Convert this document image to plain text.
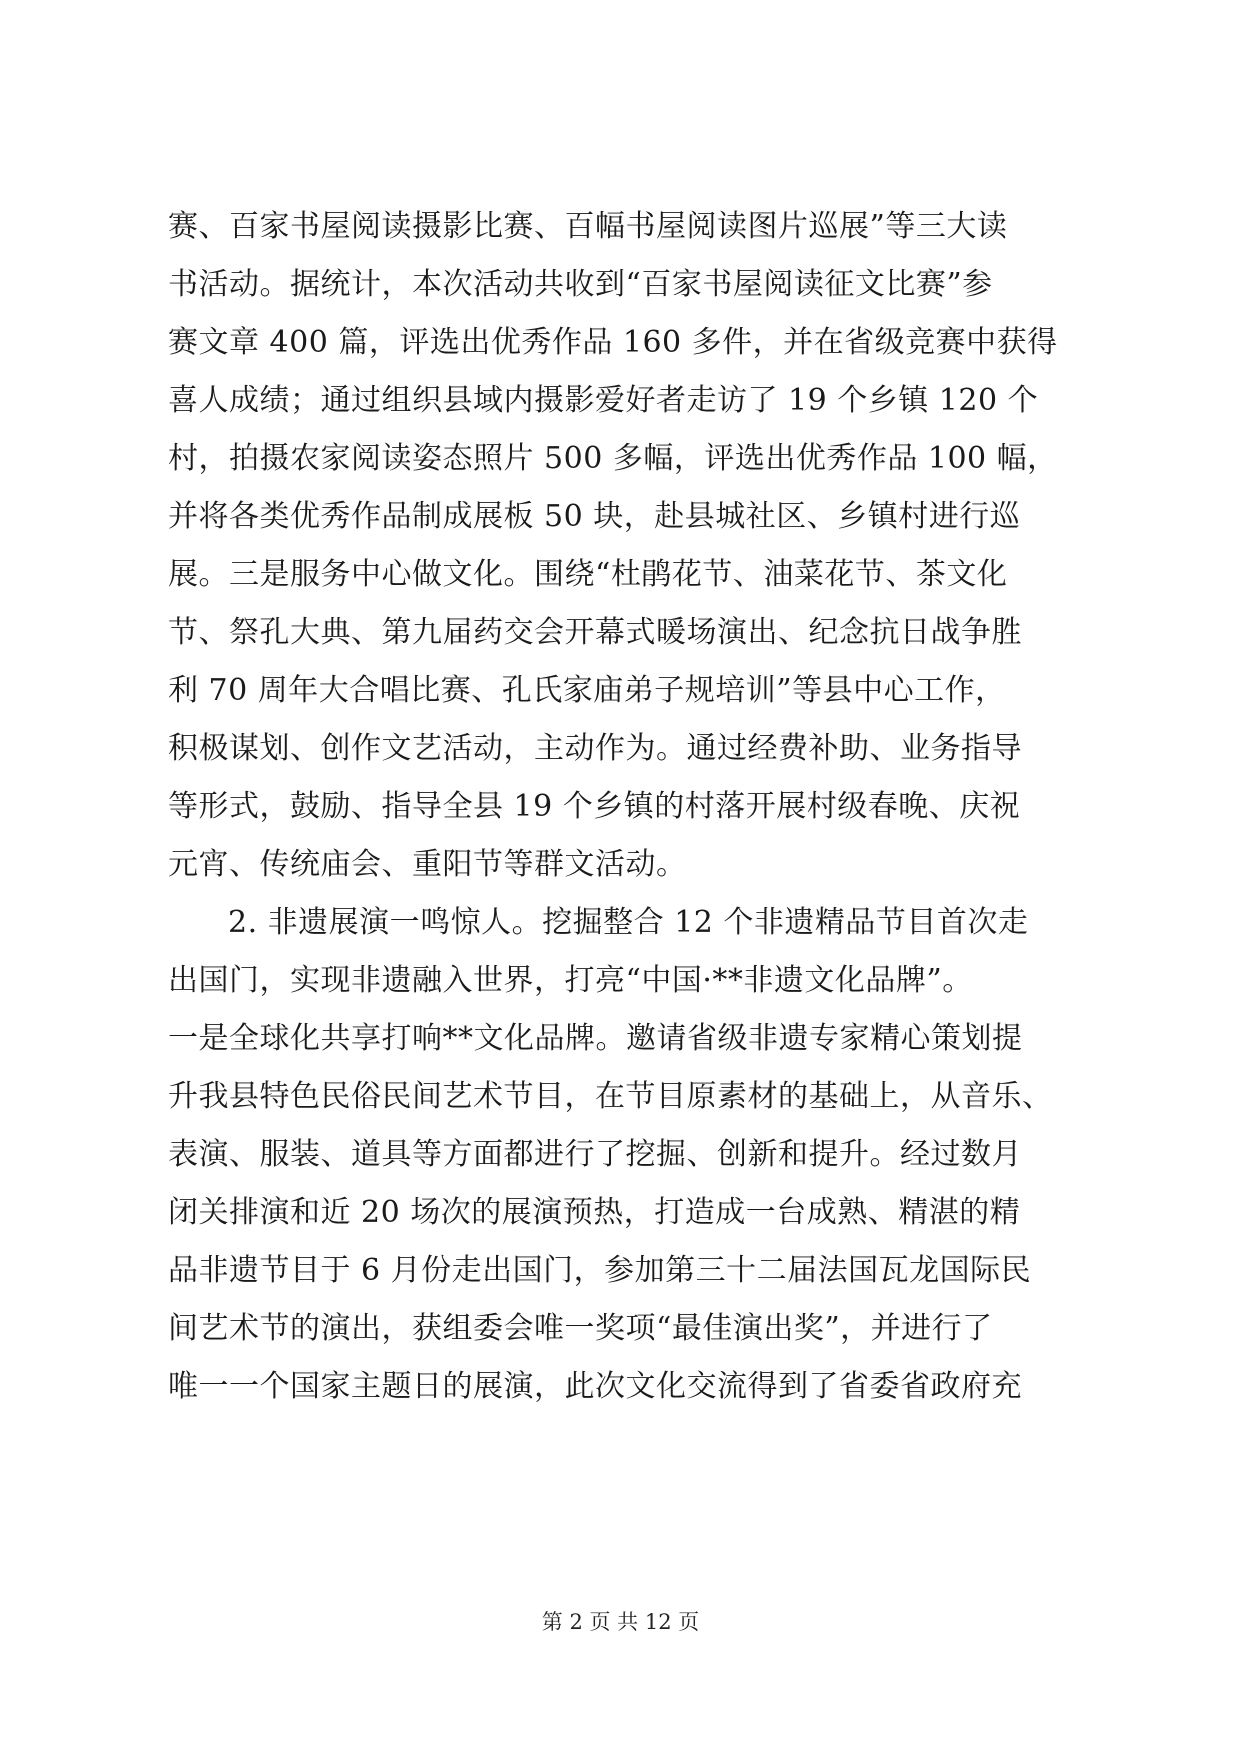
赛、百家书屋阅读摄影比赛、百幅书屋阅读图片巡展”等三大读
书活动。据统计，本次活动共收到“百家书屋阅读征文比赛”参
赛文章 400 篇，评选出优秀作品 160 多件，并在省级竞赛中获得
喜人成绩；通过组织县域内摄影爱好者走访了 19 个乡镇 120 个
村，拍摄农家阅读姿态照片 500 多幅，评选出优秀作品 100 幅，
并将各类优秀作品制成展板 50 块，赴县城社区、乡镇村进行巡
展。三是服务中心做文化。围绕“杜鹃花节、油菜花节、茶文化
节、祭孔大典、第九届药交会开幕式暖场演出、纪念抗日战争胜
利 70 周年大合唱比赛、孔氏家庙弟子规培训”等县中心工作，
积极谋划、创作文艺活动，主动作为。通过经费补助、业务指导
等形式，鼓励、指导全县 19 个乡镇的村落开展村级春晚、庆祝
元宵、传统庙会、重阳节等群文活动。
2. 非遗展演一鸣惊人。挖掘整合 12 个非遗精品节目首次走
出国门，实现非遗融入世界，打亮“中国·**非遗文化品牌”。
一是全球化共享打响**文化品牌。邀请省级非遗专家精心策划提
升我县特色民俗民间艺术节目，在节目原素材的基础上，从音乐、
表演、服装、道具等方面都进行了挖掘、创新和提升。经过数月
闭关排演和近 20 场次的展演预热，打造成一台成熟、精湛的精
品非遗节目于 6 月份走出国门，参加第三十二届法国瓦龙国际民
间艺术节的演出，获组委会唯一奖项“最佳演出奖”，并进行了
唯一一个国家主题日的展演，此次文化交流得到了省委省政府充
第 2 页 共 12 页
